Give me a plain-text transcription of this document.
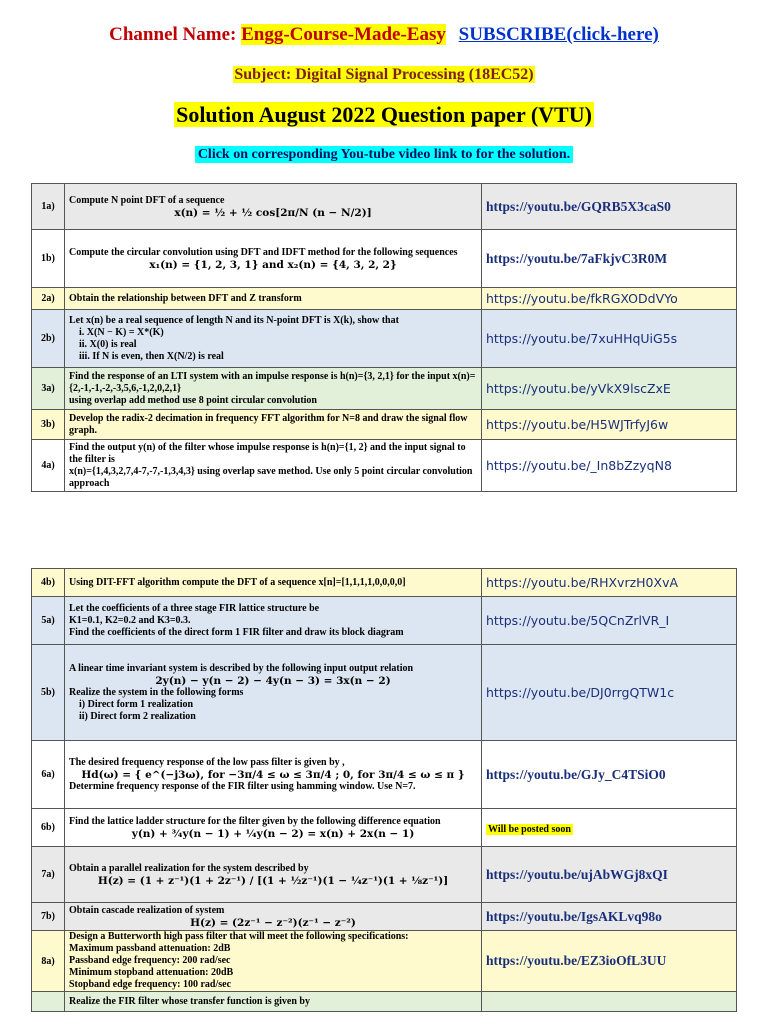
Channel Name: Engg-Course-Made-Easy SUBSCRIBE(click-here)
Subject: Digital Signal Processing (18EC52)
Solution August 2022 Question paper (VTU)
Click on corresponding You-tube video link to for the solution.
1a)	Compute N point DFT of a sequence
x(n) = ½ + ½ cos[2π/N (n − N/2)]	https://youtu.be/GQRB5X3caS0
1b)	Compute the circular convolution using DFT and IDFT method for the following sequences
x₁(n) = {1, 2, 3, 1} and x₂(n) = {4, 3, 2, 2}	https://youtu.be/7aFkjvC3R0M
2a)	Obtain the relationship between DFT and Z transform	https://youtu.be/fkRGXODdVYo
2b)	Let x(n) be a real sequence of length N and its N-point DFT is X(k), show that
i. X(N − K) = X*(K)
ii. X(0) is real
iii. If N is even, then X(N/2) is real	https://youtu.be/7xuHHqUiG5s
3a)	Find the response of an LTI system with an impulse response is h(n)={3, 2,1} for the input x(n)={2,-1,-1,-2,-3,5,6,-1,2,0,2,1}
using overlap add method use 8 point circular convolution	https://youtu.be/yVkX9lscZxE
3b)	Develop the radix-2 decimation in frequency FFT algorithm for N=8 and draw the signal flow graph.	https://youtu.be/H5WJTrfyJ6w
4a)	Find the output y(n) of the filter whose impulse response is h(n)={1, 2} and the input signal to the filter is
x(n)={1,4,3,2,7,4-7,-7,-1,3,4,3} using overlap save method. Use only 5 point circular convolution approach	https://youtu.be/_In8bZzyqN8
4b)	Using DIT-FFT algorithm compute the DFT of a sequence x[n]=[1,1,1,1,0,0,0,0]	https://youtu.be/RHXvrzH0XvA
5a)	Let the coefficients of a three stage FIR lattice structure be
K1=0.1, K2=0.2 and K3=0.3.
Find the coefficients of the direct form 1 FIR filter and draw its block diagram	https://youtu.be/5QCnZrlVR_I
5b)	A linear time invariant system is described by the following input output relation
2y(n) − y(n − 2) − 4y(n − 3) = 3x(n − 2)
Realize the system in the following forms
i) Direct form 1 realization
ii) Direct form 2 realization	https://youtu.be/DJ0rrgQTW1c
6a)	The desired frequency response of the low pass filter is given by ,
Hd(ω) = { e^(−j3ω), for −3π/4 ≤ ω ≤ 3π/4 ; 0, for 3π/4 ≤ ω ≤ π }
Determine frequency response of the FIR filter using hamming window. Use N=7.	https://youtu.be/GJy_C4TSiO0
6b)	Find the lattice ladder structure for the filter given by the following difference equation
y(n) + ¾y(n − 1) + ¼y(n − 2) = x(n) + 2x(n − 1)	Will be posted soon
7a)	Obtain a parallel realization for the system described by
H(z) = (1 + z⁻¹)(1 + 2z⁻¹) / [(1 + ½z⁻¹)(1 − ¼z⁻¹)(1 + ⅛z⁻¹)]	https://youtu.be/ujAbWGj8xQI
7b)	Obtain cascade realization of system
H(z) = (2z⁻¹ − z⁻²)(z⁻¹ − z⁻²)	https://youtu.be/IgsAKLvq98o
8a)	Design a Butterworth high pass filter that will meet the following specifications:
Maximum passband attenuation: 2dB
Passband edge frequency: 200 rad/sec
Minimum stopband attenuation: 20dB
Stopband edge frequency: 100 rad/sec	https://youtu.be/EZ3ioOfL3UU

	Realize the FIR filter whose transfer function is given by	
